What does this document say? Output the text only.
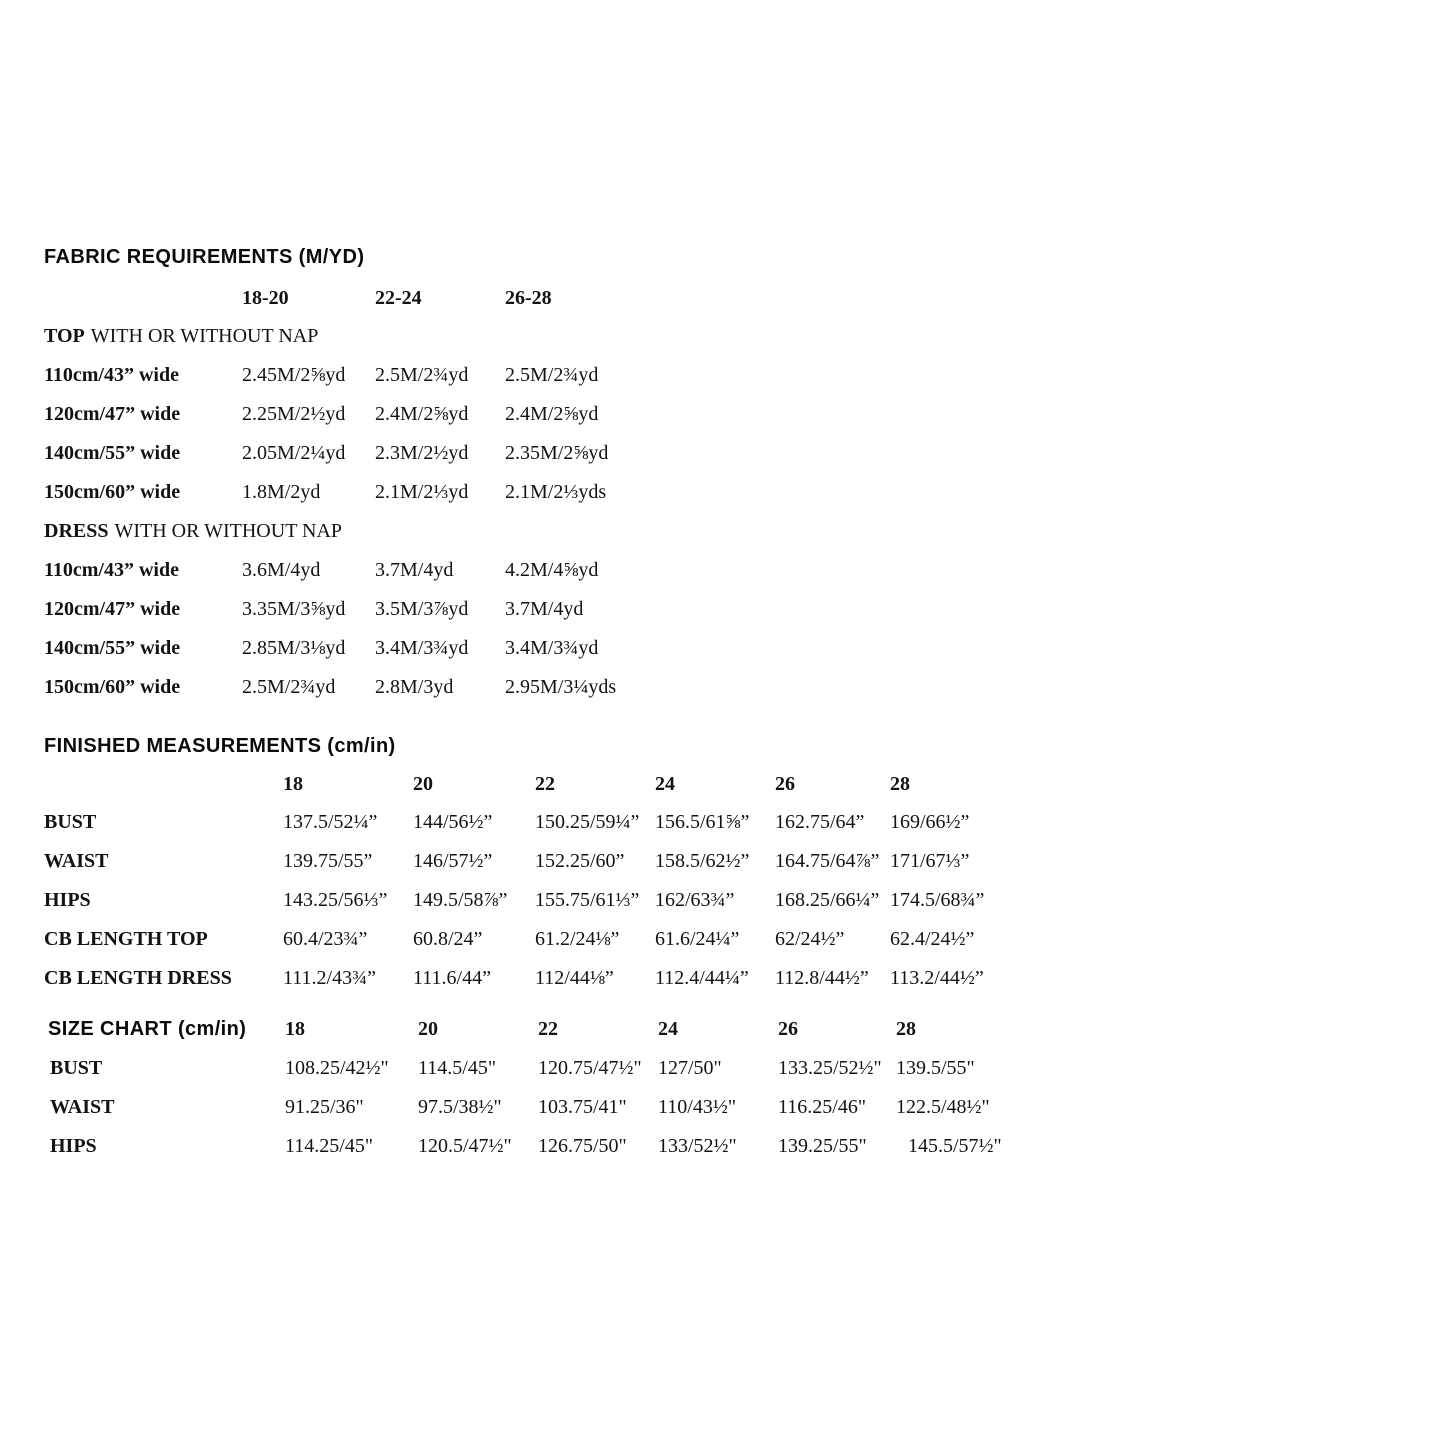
FABRIC REQUIREMENTS (M/YD)
18-20	22-24	26-28
TOP WITH OR WITHOUT NAP
110cm/43” wide	2.45M/2⅝yd 2.5M/2¾yd 2.5M/2¾yd
120cm/47” wide	2.25M/2½yd 2.4M/2⅝yd 2.4M/2⅝yd
140cm/55” wide	2.05M/2¼yd 2.3M/2½yd 2.35M/2⅝yd
150cm/60” wide	1.8M/2yd	2.1M/2⅓yd 2.1M/2⅓yds
DRESS WITH OR WITHOUT NAP
110cm/43” wide	3.6M/4yd	3.7M/4yd	4.2M/4⅝yd
120cm/47” wide	3.35M/3⅝yd 3.5M/3⅞yd 3.7M/4yd
140cm/55” wide	2.85M/3⅛yd 3.4M/3¾yd 3.4M/3¾yd
150cm/60” wide	2.5M/2¾yd 2.8M/3yd	2.95M/3¼yds
FINISHED MEASUREMENTS (cm/in)
18	20	22	24	26	28
BUST	137.5/52¼” 144/56½” 150.25/59¼” 156.5/61⅝” 162.75/64” 169/66½”
WAIST	139.75/55” 146/57½” 152.25/60” 158.5/62½” 164.75/64⅞” 171/67⅓”
HIPS	143.25/56⅓” 149.5/58⅞” 155.75/61⅓” 162/63¾” 168.25/66¼” 174.5/68¾”
CB LENGTH TOP	60.4/23¾” 60.8/24”	61.2/24⅛” 61.6/24¼” 62/24½” 62.4/24½”
CB LENGTH DRESS	111.2/43¾” 111.6/44” 112/44⅛” 112.4/44¼” 112.8/44½” 113.2/44½”
SIZE CHART (cm/in) 18	20	22	24	26	28
BUST	108.25/42½" 114.5/45" 120.75/47½" 127/50"	133.25/52½" 139.5/55"
WAIST	91.25/36"	97.5/38½" 103.75/41" 110/43½" 116.25/46" 122.5/48½"
HIPS	114.25/45" 120.5/47½" 126.75/50" 133/52½" 139.25/55" 145.5/57½"
